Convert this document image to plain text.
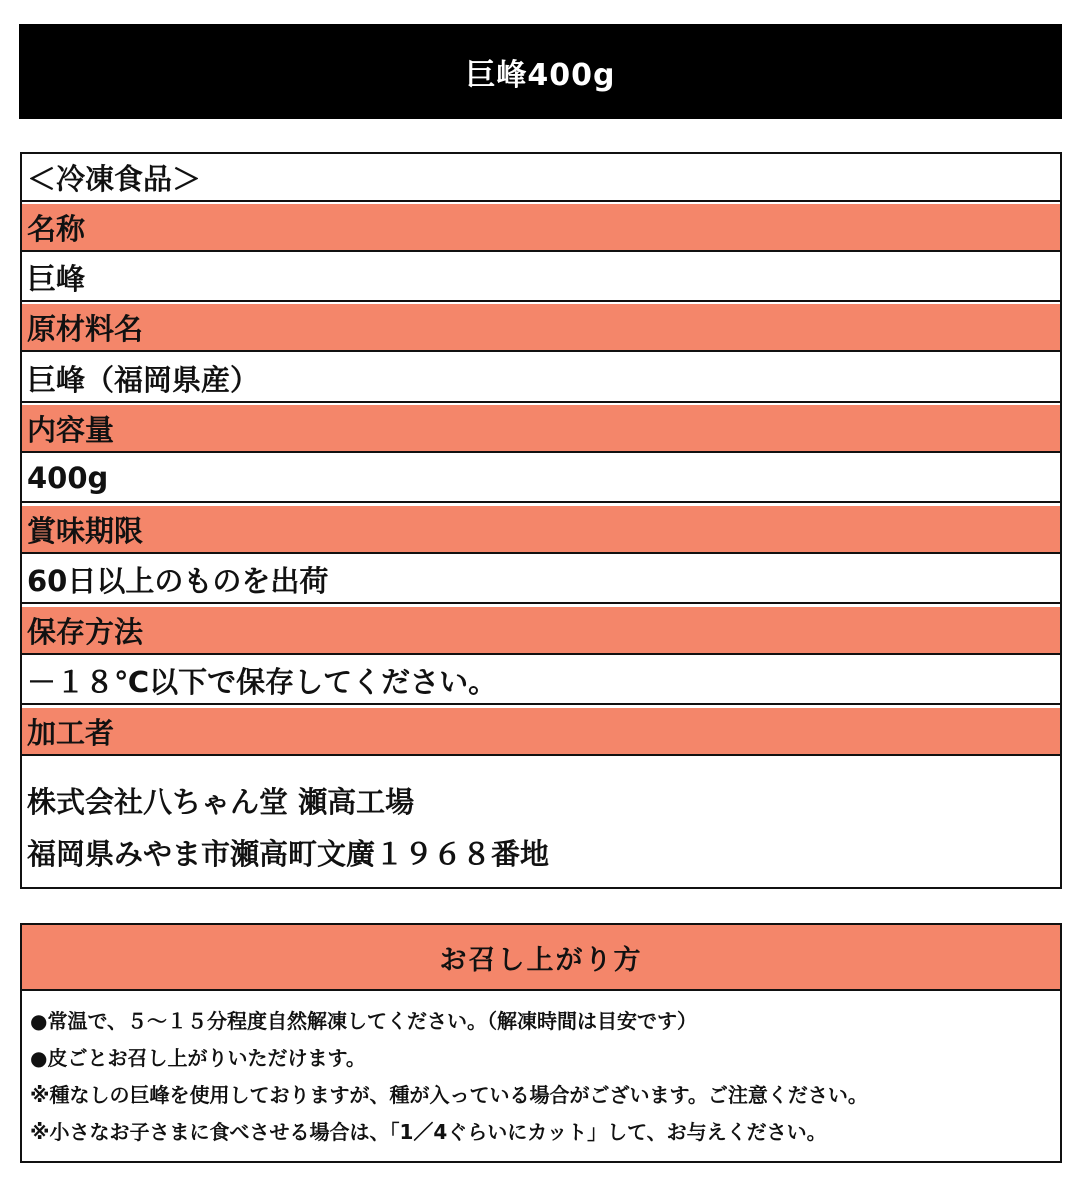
巨峰400g
＜冷凍食品＞
名称
巨峰
原材料名
巨峰（福岡県産）
内容量
400g
賞味期限
60日以上のものを出荷
保存方法
－１８℃以下で保存してください。
加工者
株式会社八ちゃん堂 瀬高工場
福岡県みやま市瀬高町文廣１９６８番地
お召し上がり方
●常温で、５～１５分程度自然解凍してください。（解凍時間は目安です）
●皮ごとお召し上がりいただけます。
※種なしの巨峰を使用しておりますが、種が入っている場合がございます。ご注意ください。
※小さなお子さまに食べさせる場合は、「1／4ぐらいにカット」して、お与えください。
